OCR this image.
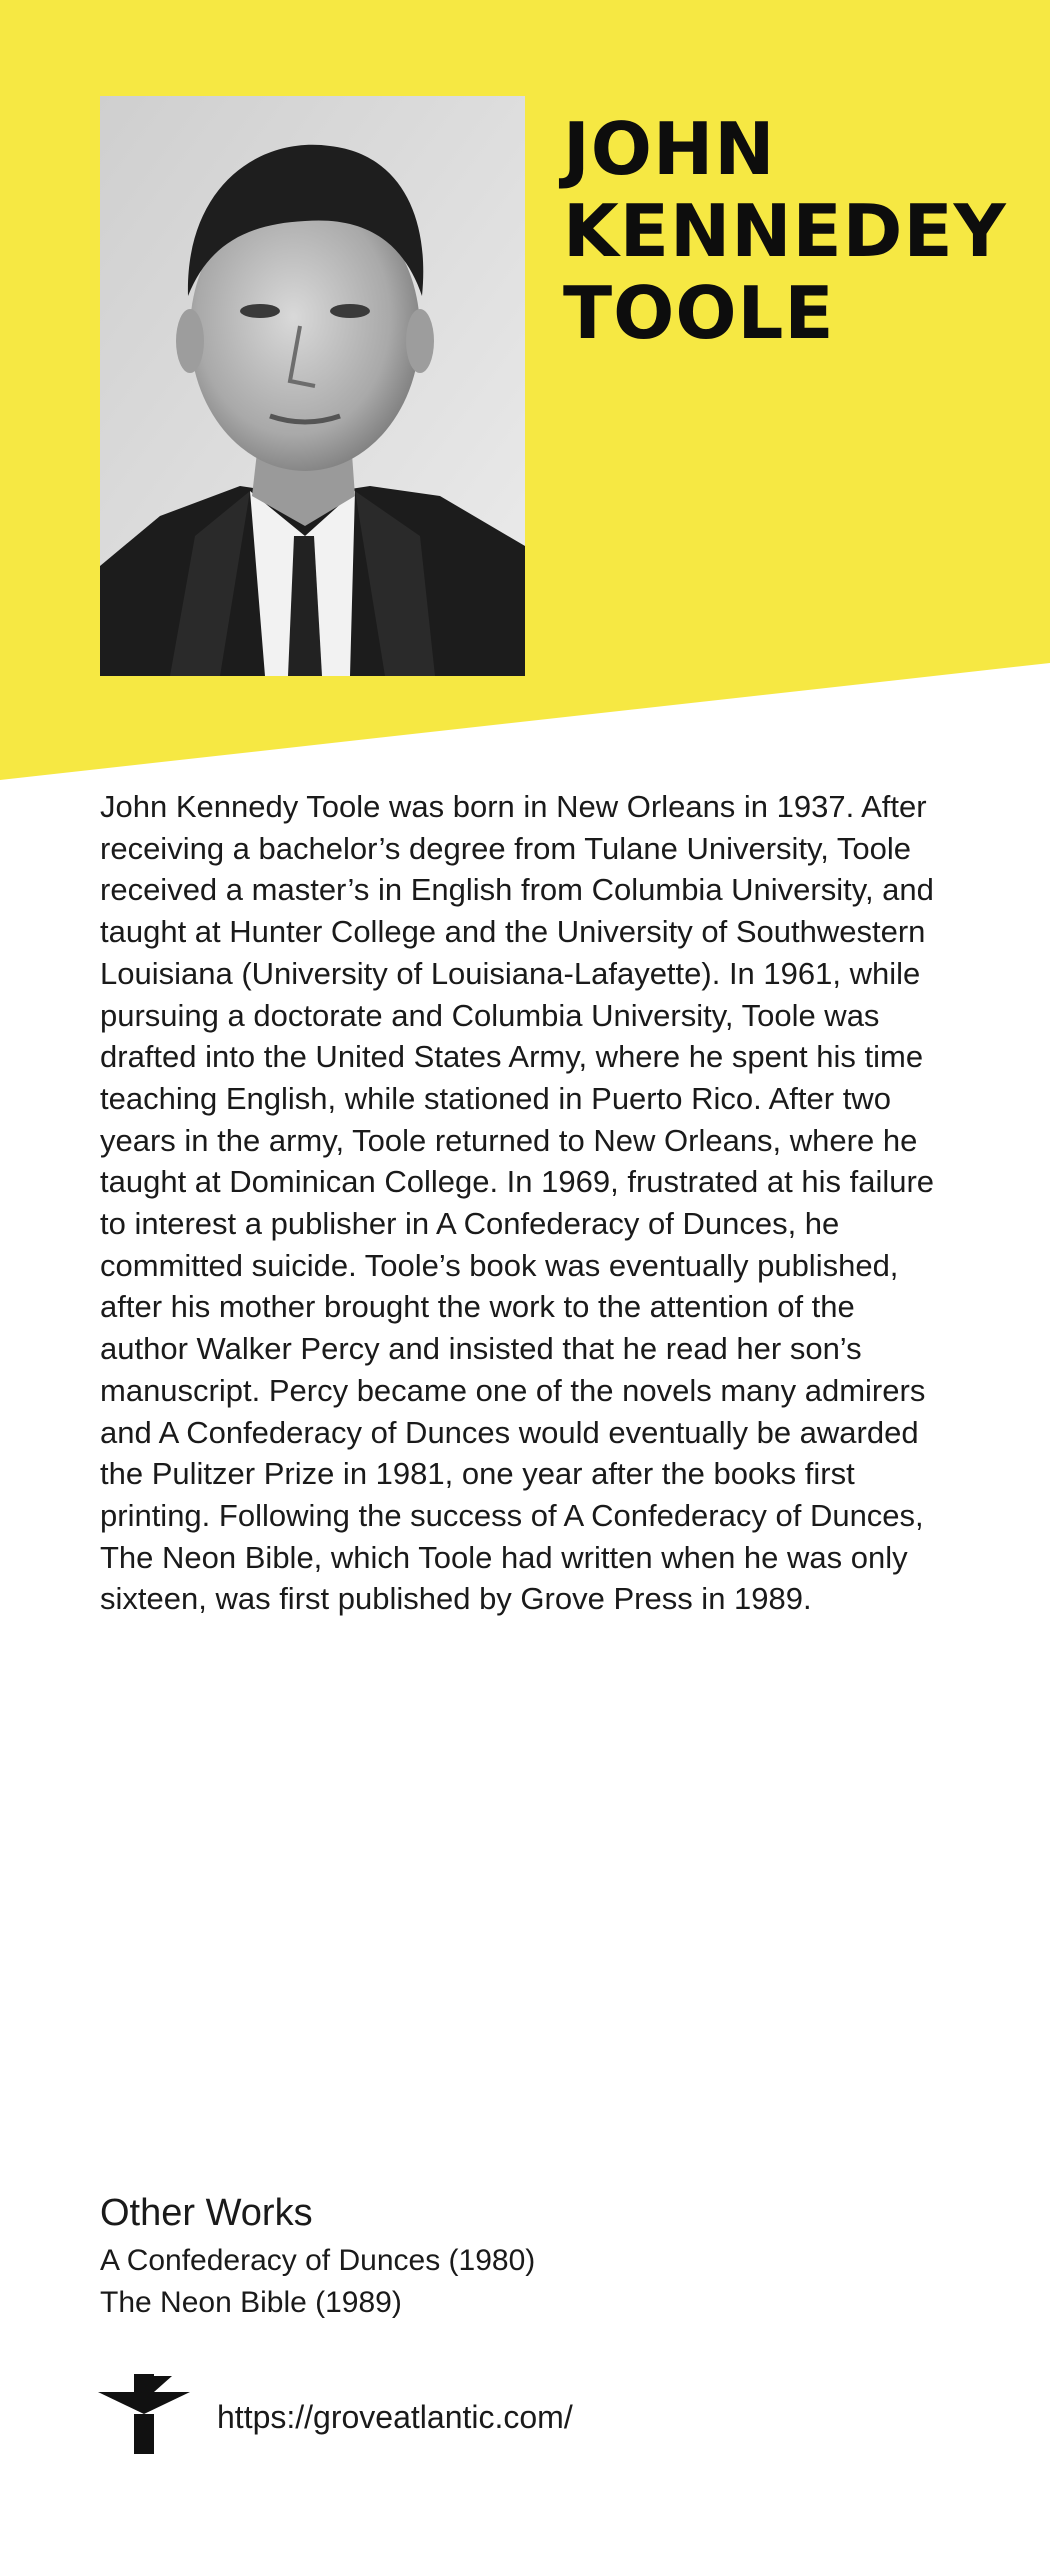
JOHN
KENNEDEY
TOOLE

John Kennedy Toole was born in New Orleans in 1937. After receiving a bachelor’s degree from Tulane University, Toole received a master’s in English from Columbia University, and taught at Hunter College and the University of Southwestern Louisiana (University of Louisiana-Lafayette). In 1961, while pursuing a doctorate and Columbia University, Toole was drafted into the United States Army, where he spent his time teaching English, while stationed in Puerto Rico. After two years in the army, Toole returned to New Orleans, where he taught at Dominican College. In 1969, frustrated at his failure to interest a publisher in A Confederacy of Dunces, he committed suicide. Toole’s book was eventually published, after his mother brought the work to the attention of the author Walker Percy and insisted that he read her son’s manuscript. Percy became one of the novels many admirers and A Confederacy of Dunces would eventually be awarded the Pulitzer Prize in 1981, one year after the books first printing. Following the success of A Confederacy of Dunces, The Neon Bible, which Toole had written when he was only sixteen, was first published by Grove Press in 1989.

Other Works
A Confederacy of Dunces (1980)
The Neon Bible (1989)
https://groveatlantic.com/
